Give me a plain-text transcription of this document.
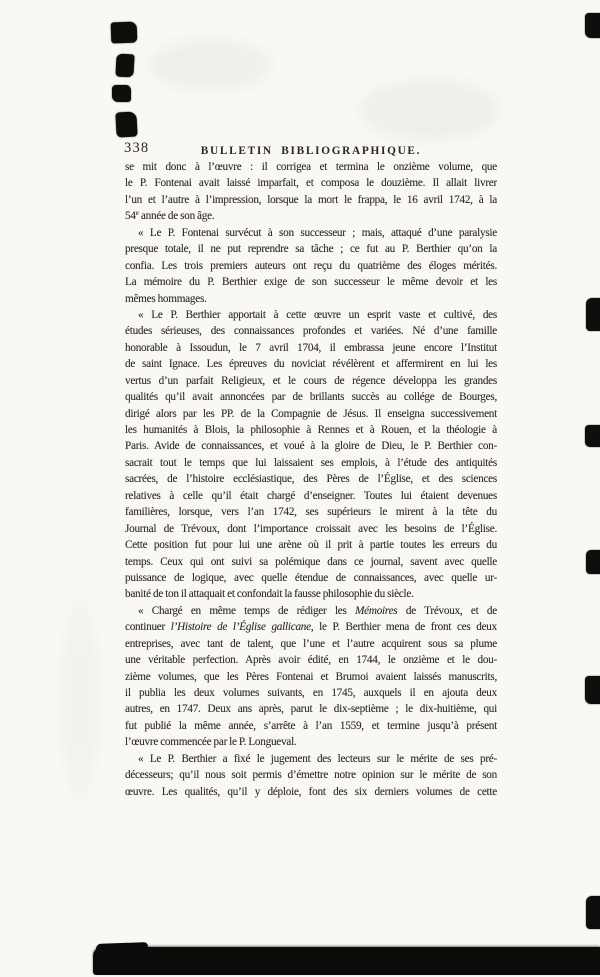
338	BULLETIN BIBLIOGRAPHIQUE.
se mit donc à l’œuvre : il corrigea et termina le onzième volume, que
le P. Fontenai avait laissé imparfait, et composa le douzième. Il allait livrer
l’un et l’autre à l’impression, lorsque la mort le frappa, le 16 avril 1742, à la
54e année de son âge.
« Le P. Fontenai survécut à son successeur ; mais, attaqué d’une paralysie
presque totale, il ne put reprendre sa tâche ; ce fut au P. Berthier qu’on la
confia. Les trois premiers auteurs ont reçu du quatrième des éloges mérités.
La mémoire du P. Berthier exige de son successeur le même devoir et les
mêmes hommages.
« Le P. Berthier apportait à cette œuvre un esprit vaste et cultivé, des
études sérieuses, des connaissances profondes et variées. Né d’une famille
honorable à Issoudun, le 7 avril 1704, il embrassa jeune encore l’Institut
de saint Ignace. Les épreuves du noviciat révélèrent et affermirent en lui les
vertus d’un parfait Religieux, et le cours de régence développa les grandes
qualités qu’il avait annoncées par de brillants succès au collége de Bourges,
dirigé alors par les PP. de la Compagnie de Jésus. Il enseigna successivement
les humanités à Blois, la philosophie à Rennes et à Rouen, et la théologie à
Paris. Avide de connaissances, et voué à la gloire de Dieu, le P. Berthier con-
sacrait tout le temps que lui laissaient ses emplois, à l’étude des antiquités
sacrées, de l’histoire ecclésiastique, des Pères de l’Église, et des sciences
relatives à celle qu’il était chargé d’enseigner. Toutes lui étaient devenues
familières, lorsque, vers l’an 1742, ses supérieurs le mirent à la tête du
Journal de Trévoux, dont l’importance croissait avec les besoins de l’Église.
Cette position fut pour lui une arène où il prit à partie toutes les erreurs du
temps. Ceux qui ont suivi sa polémique dans ce journal, savent avec quelle
puissance de logique, avec quelle étendue de connaissances, avec quelle ur-
banité de ton il attaquait et confondait la fausse philosophie du siècle.
« Chargé en même temps de rédiger les Mémoires de Trévoux, et de
continuer l’Histoire de l’Église gallicane, le P. Berthier mena de front ces deux
entreprises, avec tant de talent, que l’une et l’autre acquirent sous sa plume
une véritable perfection. Après avoir édité, en 1744, le onzième et le dou-
zième volumes, que les Pères Fontenai et Brumoi avaient laissés manuscrits,
il publia les deux volumes suivants, en 1745, auxquels il en ajouta deux
autres, en 1747. Deux ans après, parut le dix-septième ; le dix-huitième, qui
fut publié la même année, s’arrête à l’an 1559, et termine jusqu’à présent
l’œuvre commencée par le P. Longueval.
« Le P. Berthier a fixé le jugement des lecteurs sur le mérite de ses pré-
décesseurs; qu’il nous soit permis d’émettre notre opinion sur le mérite de son
œuvre. Les qualités, qu’il y déploie, font des six derniers volumes de cette
